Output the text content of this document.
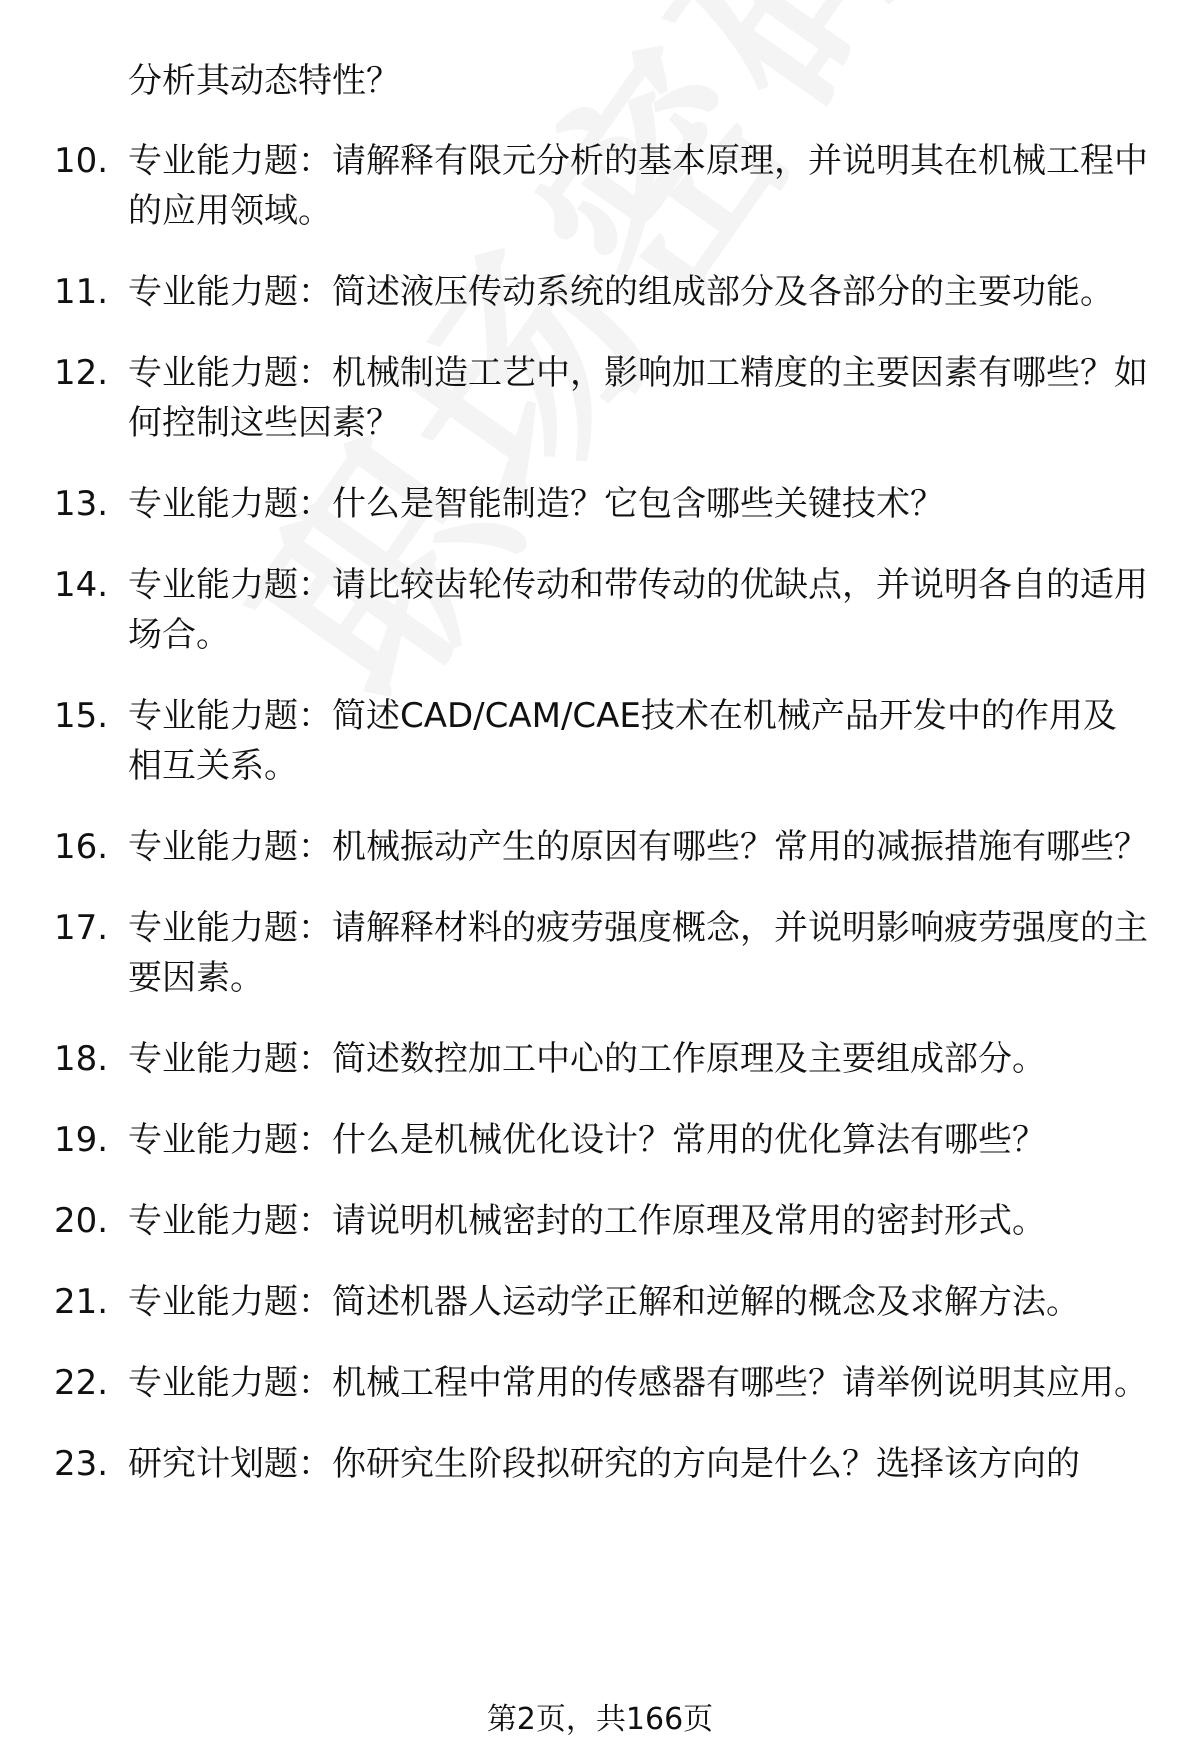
分析其动态特性？
10. 专业能力题：请解释有限元分析的基本原理，并说明其在机械工程中的应用领域。
11. 专业能力题：简述液压传动系统的组成部分及各部分的主要功能。
12. 专业能力题：机械制造工艺中，影响加工精度的主要因素有哪些？如何控制这些因素？
13. 专业能力题：什么是智能制造？它包含哪些关键技术？
14. 专业能力题：请比较齿轮传动和带传动的优缺点，并说明各自的适用场合。
15. 专业能力题：简述CAD/CAM/CAE技术在机械产品开发中的作用及相互关系。
16. 专业能力题：机械振动产生的原因有哪些？常用的减振措施有哪些？
17. 专业能力题：请解释材料的疲劳强度概念，并说明影响疲劳强度的主要因素。
18. 专业能力题：简述数控加工中心的工作原理及主要组成部分。
19. 专业能力题：什么是机械优化设计？常用的优化算法有哪些？
20. 专业能力题：请说明机械密封的工作原理及常用的密封形式。
21. 专业能力题：简述机器人运动学正解和逆解的概念及求解方法。
22. 专业能力题：机械工程中常用的传感器有哪些？请举例说明其应用。
23. 研究计划题：你研究生阶段拟研究的方向是什么？选择该方向的
第2页，共166页
